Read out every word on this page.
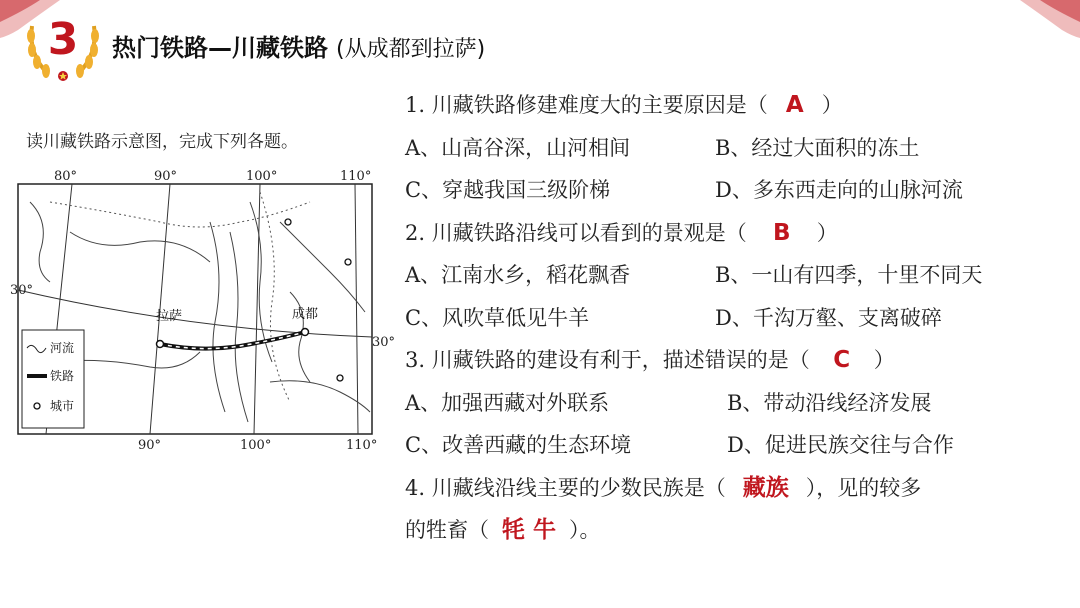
3	热门铁路—川藏铁路 (从成都到拉萨)
读川藏铁路示意图，完成下列各题。
80°	90°	100°	110°
90°	100°	110°
30°
30°
拉萨	成都
河流
铁路
城市
1. 川藏铁路修建难度大的主要原因是（ A ）
A、山高谷深，山河相间	B、经过大面积的冻土
C、穿越我国三级阶梯	D、多东西走向的山脉河流
2. 川藏铁路沿线可以看到的景观是（ B ）
A、江南水乡，稻花飘香	B、一山有四季，十里不同天
C、风吹草低见牛羊	D、千沟万壑、支离破碎
3. 川藏铁路的建设有利于，描述错误的是（ C ）
A、加强西藏对外联系	B、带动沿线经济发展
C、改善西藏的生态环境	D、促进民族交往与合作
4. 川藏线沿线主要的少数民族是（ 藏族 ），见的较多
的牲畜（ 牦 牛 ）。
